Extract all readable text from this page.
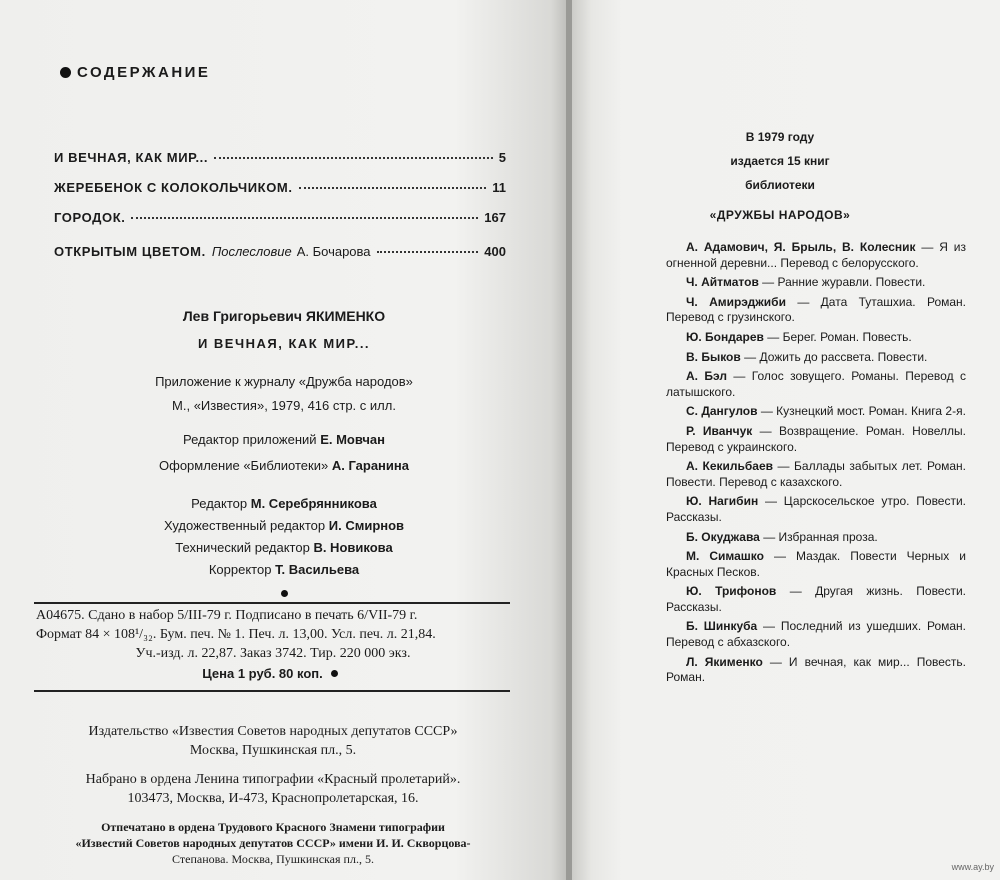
СОДЕРЖАНИЕ
И ВЕЧНАЯ, КАК МИР...	5
ЖЕРЕБЕНОК С КОЛОКОЛЬЧИКОМ.	11
ГОРОДОК.	167
ОТКРЫТЫМ ЦВЕТОМ. Послесловие А. Бочарова	400
Лев Григорьевич ЯКИМЕНКО
И ВЕЧНАЯ, КАК МИР...
Приложение к журналу «Дружба народов»
М., «Известия», 1979, 416 стр. с илл.
Редактор приложений Е. Мовчан
Оформление «Библиотеки» А. Гаранина
Редактор М. Серебрянникова
Художественный редактор И. Смирнов
Технический редактор В. Новикова
Корректор Т. Васильева
А04675. Сдано в набор 5/III-79 г. Подписано в печать 6/VII-79 г.
Формат 84 × 108¹/₃₂. Бум. печ. № 1. Печ. л. 13,00. Усл. печ. л. 21,84.
Уч.-изд. л. 22,87. Заказ 3742. Тир. 220 000 экз.
Цена 1 руб. 80 коп.
Издательство «Известия Советов народных депутатов СССР»
Москва, Пушкинская пл., 5.
Набрано в ордена Ленина типографии «Красный пролетарий».
103473, Москва, И-473, Краснопролетарская, 16.
Отпечатано в ордена Трудового Красного Знамени типографии
«Известий Советов народных депутатов СССР» имени И. И. Скворцова-
Степанова. Москва, Пушкинская пл., 5.
В 1979 году
издается 15 книг
библиотеки
«ДРУЖБЫ НАРОДОВ»
А. Адамович, Я. Брыль, В. Колесник — Я из огненной деревни... Перевод с белорусского.
Ч. Айтматов — Ранние журавли. Повести.
Ч. Амирэджиби — Дата Туташхиа. Роман. Перевод с грузинского.
Ю. Бондарев — Берег. Роман. Повесть.
В. Быков — Дожить до рассвета. Повести.
А. Бэл — Голос зовущего. Романы. Перевод с латышского.
С. Дангулов — Кузнецкий мост. Роман. Книга 2-я.
Р. Иванчук — Возвращение. Роман. Новеллы. Перевод с украинского.
А. Кекильбаев — Баллады забытых лет. Роман. Повести. Перевод с казахского.
Ю. Нагибин — Царскосельское утро. Повести. Рассказы.
Б. Окуджава — Избранная проза.
М. Симашко — Маздак. Повести Черных и Красных Песков.
Ю. Трифонов — Другая жизнь. Повести. Рассказы.
Б. Шинкуба — Последний из ушедших. Роман. Перевод с абхазского.
Л. Якименко — И вечная, как мир... Повесть. Роман.
www.ay.by
